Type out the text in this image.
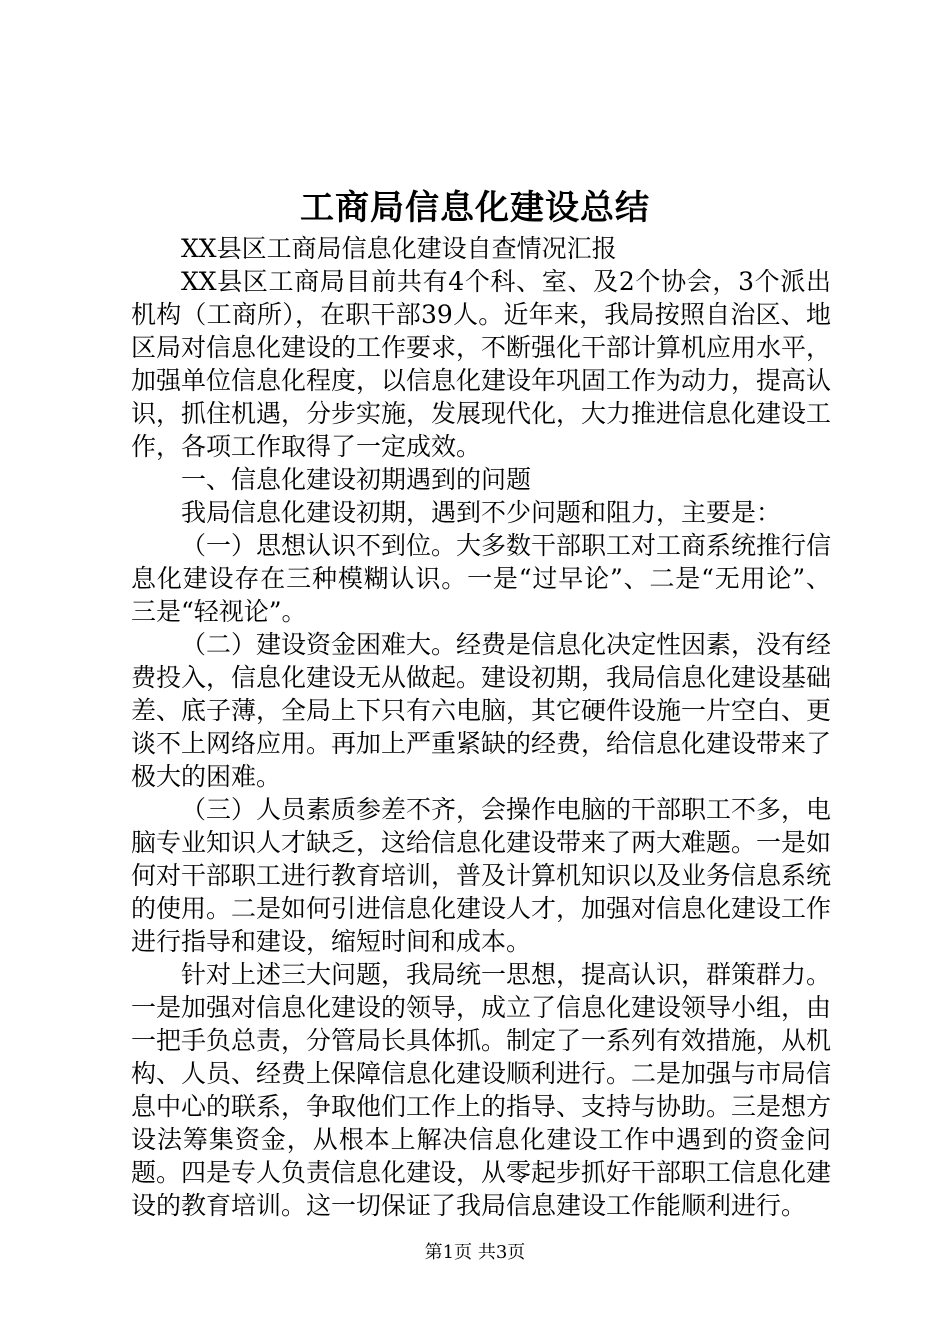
工商局信息化建设总结

XX县区工商局信息化建设自查情况汇报

XX县区工商局目前共有4个科、室、及2个协会，3个派出机构（工商所），在职干部39人。近年来，我局按照自治区、地区局对信息化建设的工作要求，不断强化干部计算机应用水平，加强单位信息化程度，以信息化建设年巩固工作为动力，提高认识，抓住机遇，分步实施，发展现代化，大力推进信息化建设工作，各项工作取得了一定成效。

一、信息化建设初期遇到的问题

我局信息化建设初期，遇到不少问题和阻力，主要是：

（一）思想认识不到位。大多数干部职工对工商系统推行信息化建设存在三种模糊认识。一是“过早论”、二是“无用论”、三是“轻视论”。

（二）建设资金困难大。经费是信息化决定性因素，没有经费投入，信息化建设无从做起。建设初期，我局信息化建设基础差、底子薄，全局上下只有六电脑，其它硬件设施一片空白、更谈不上网络应用。再加上严重紧缺的经费，给信息化建设带来了极大的困难。

（三）人员素质参差不齐，会操作电脑的干部职工不多，电脑专业知识人才缺乏，这给信息化建设带来了两大难题。一是如何对干部职工进行教育培训，普及计算机知识以及业务信息系统的使用。二是如何引进信息化建设人才，加强对信息化建设工作进行指导和建设，缩短时间和成本。

针对上述三大问题，我局统一思想，提高认识，群策群力。一是加强对信息化建设的领导，成立了信息化建设领导小组，由一把手负总责，分管局长具体抓。制定了一系列有效措施，从机构、人员、经费上保障信息化建设顺利进行。二是加强与市局信息中心的联系，争取他们工作上的指导、支持与协助。三是想方设法筹集资金，从根本上解决信息化建设工作中遇到的资金问题。四是专人负责信息化建设，从零起步抓好干部职工信息化建设的教育培训。这一切保证了我局信息建设工作能顺利进行。

第1页 共3页
